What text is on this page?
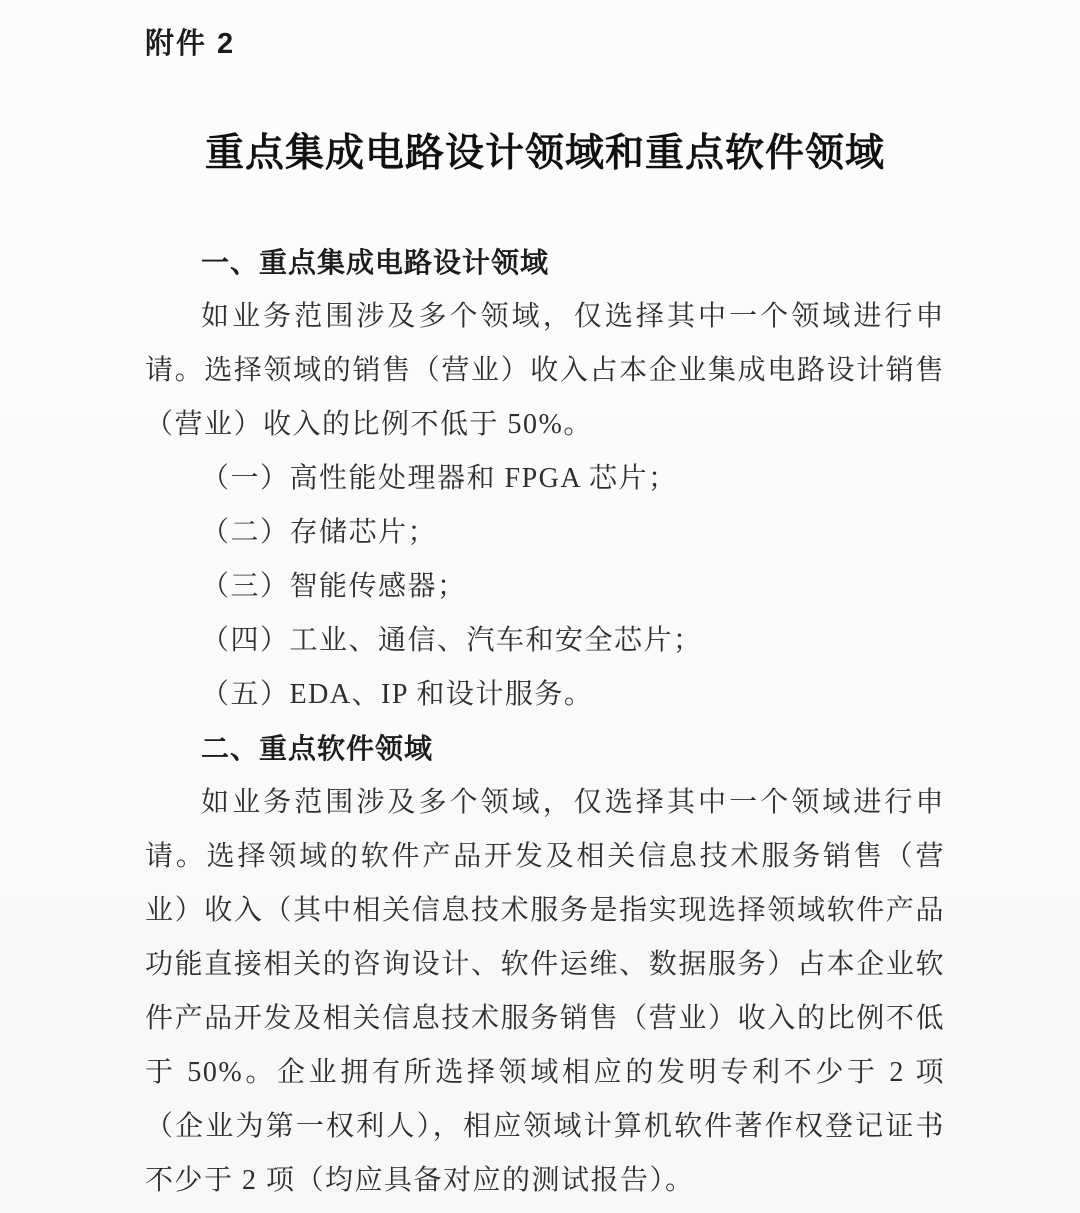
附件 2
重点集成电路设计领域和重点软件领域
一、重点集成电路设计领域

如业务范围涉及多个领域，仅选择其中一个领域进行申请。选择领域的销售（营业）收入占本企业集成电路设计销售（营业）收入的比例不低于 50%。

（一）高性能处理器和 FPGA 芯片；

（二）存储芯片；

（三）智能传感器；

（四）工业、通信、汽车和安全芯片；

（五）EDA、IP 和设计服务。

二、重点软件领域

如业务范围涉及多个领域，仅选择其中一个领域进行申请。选择领域的软件产品开发及相关信息技术服务销售（营业）收入（其中相关信息技术服务是指实现选择领域软件产品功能直接相关的咨询设计、软件运维、数据服务）占本企业软件产品开发及相关信息技术服务销售（营业）收入的比例不低于 50%。企业拥有所选择领域相应的发明专利不少于 2 项（企业为第一权利人），相应领域计算机软件著作权登记证书不少于 2 项（均应具备对应的测试报告）。
